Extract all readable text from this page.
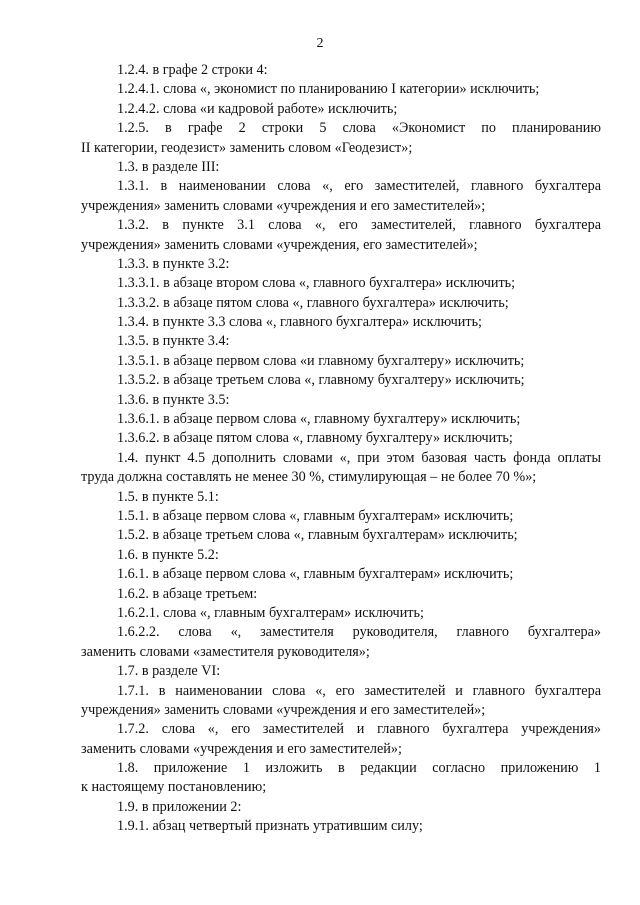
2
1.2.4. в графе 2 строки 4:
1.2.4.1. слова «, экономист по планированию I категории» исключить;
1.2.4.2. слова «и кадровой работе» исключить;
1.2.5. в графе 2 строки 5 слова «Экономист по планированию
II категории, геодезист» заменить словом «Геодезист»;
1.3. в разделе III:
1.3.1. в наименовании слова «, его заместителей, главного бухгалтера
учреждения» заменить словами «учреждения и его заместителей»;
1.3.2. в пункте 3.1 слова «, его заместителей, главного бухгалтера
учреждения» заменить словами «учреждения, его заместителей»;
1.3.3. в пункте 3.2:
1.3.3.1. в абзаце втором слова «, главного бухгалтера» исключить;
1.3.3.2. в абзаце пятом слова «, главного бухгалтера» исключить;
1.3.4. в пункте 3.3 слова «, главного бухгалтера» исключить;
1.3.5. в пункте 3.4:
1.3.5.1. в абзаце первом слова «и главному бухгалтеру» исключить;
1.3.5.2. в абзаце третьем слова «, главному бухгалтеру» исключить;
1.3.6. в пункте 3.5:
1.3.6.1. в абзаце первом слова «, главному бухгалтеру» исключить;
1.3.6.2. в абзаце пятом слова «, главному бухгалтеру» исключить;
1.4. пункт 4.5 дополнить словами «, при этом базовая часть фонда оплаты
труда должна составлять не менее 30 %, стимулирующая – не более 70 %»;
1.5. в пункте 5.1:
1.5.1. в абзаце первом слова «, главным бухгалтерам» исключить;
1.5.2. в абзаце третьем слова «, главным бухгалтерам» исключить;
1.6. в пункте 5.2:
1.6.1. в абзаце первом слова «, главным бухгалтерам» исключить;
1.6.2. в абзаце третьем:
1.6.2.1. слова «, главным бухгалтерам» исключить;
1.6.2.2. слова «, заместителя руководителя, главного бухгалтера»
заменить словами «заместителя руководителя»;
1.7. в разделе VI:
1.7.1. в наименовании слова «, его заместителей и главного бухгалтера
учреждения» заменить словами «учреждения и его заместителей»;
1.7.2. слова «, его заместителей и главного бухгалтера учреждения»
заменить словами «учреждения и его заместителей»;
1.8. приложение 1 изложить в редакции согласно приложению 1
к настоящему постановлению;
1.9. в приложении 2:
1.9.1. абзац четвертый признать утратившим силу;
